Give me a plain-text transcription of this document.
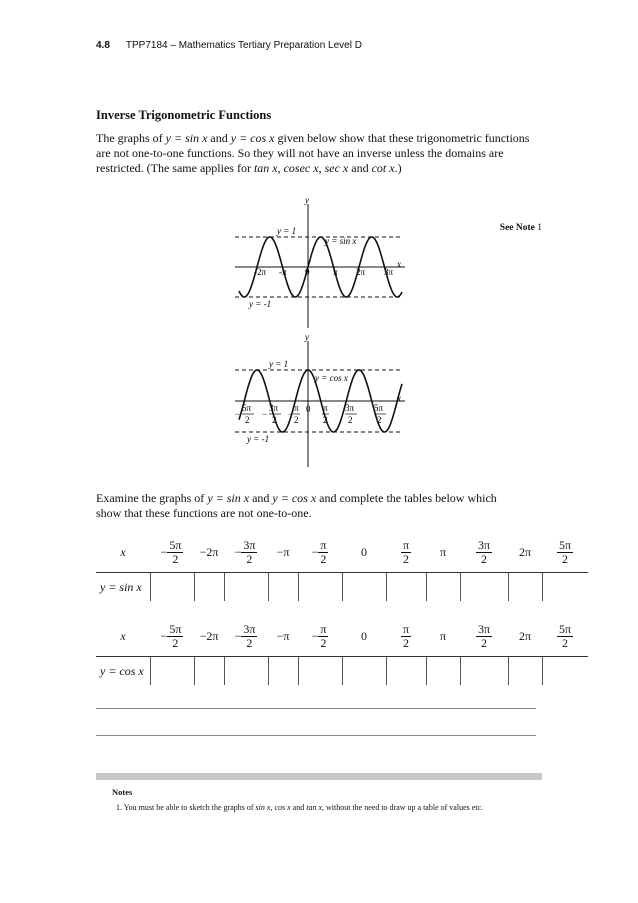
4.8 TPP7184 – Mathematics Tertiary Preparation Level D
Inverse Trigonometric Functions
The graphs of y = sin x and y = cos x given below show that these trigonometric functions
are not one-to-one functions. So they will not have an inverse unless the domains are
restricted. (The same applies for tan x, cosec x, sec x and cot x.)
See Note 1
y
x
y = 1
y = -1
y = sin x
-2π -π 0	π 2π 3π
y
x
y = 1
y = -1
y = cos x
0
−
5π
2
−
3π
2
−
π
2
π
2
3π
2
5π
2
Examine the graphs of y = sin x and y = cos x and complete the tables below which
show that these functions are not one-to-one.
x	− $\frac{5\pi}{2}$	−2π	− $\frac{3\pi}{2}$	−π	− $\frac{\pi}{2}$	0	$\frac{\pi}{2}$	π	$\frac{3\pi}{2}$	2π	$\frac{5\pi}{2}$

y = sin x											
x	− $\frac{5\pi}{2}$	−2π	− $\frac{3\pi}{2}$	−π	− $\frac{\pi}{2}$	0	$\frac{\pi}{2}$	π	$\frac{3\pi}{2}$	2π	$\frac{5\pi}{2}$

y = cos x											
Notes
1. You must be able to sketch the graphs of sin x, cos x and tan x, without the need to draw up a table of values etc.
